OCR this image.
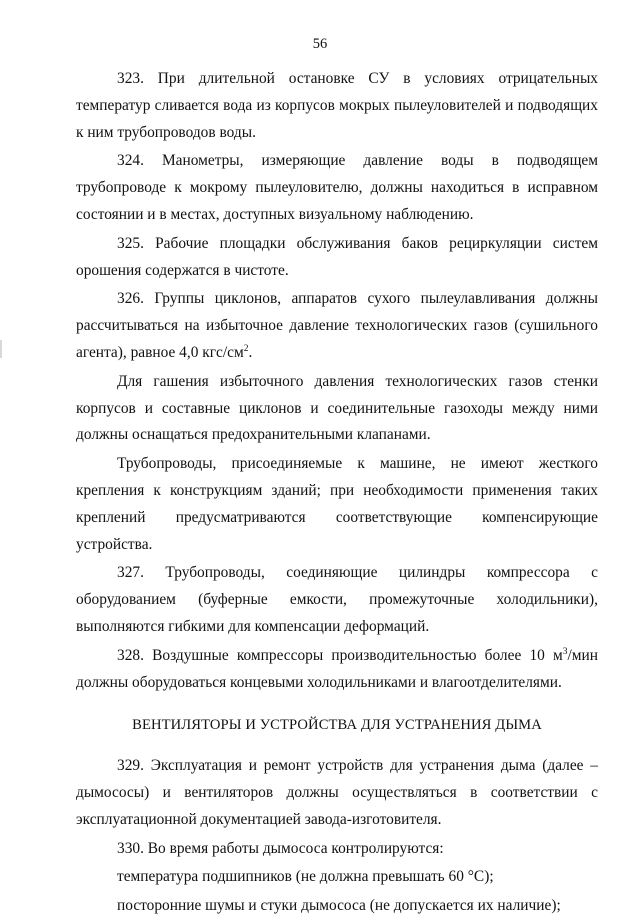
56

323. При длительной остановке СУ в условиях отрицательных температур сливается вода из корпусов мокрых пылеуловителей и подводящих к ним трубопроводов воды.

324. Манометры, измеряющие давление воды в подводящем трубопроводе к мокрому пылеуловителю, должны находиться в исправном состоянии и в местах, доступных визуальному наблюдению.

325. Рабочие площадки обслуживания баков рециркуляции систем орошения содержатся в чистоте.

326. Группы циклонов, аппаратов сухого пылеулавливания должны рассчитываться на избыточное давление технологических газов (сушильного агента), равное 4,0 кгс/$см^2$.

Для гашения избыточного давления технологических газов стенки корпусов и составные циклонов и соединительные газоходы между ними должны оснащаться предохранительными клапанами.

Трубопроводы, присоединяемые к машине, не имеют жесткого крепления к конструкциям зданий; при необходимости применения таких креплений предусматриваются соответствующие компенсирующие устройства.

327. Трубопроводы, соединяющие цилиндры компрессора с оборудованием (буферные емкости, промежуточные холодильники), выполняются гибкими для компенсации деформаций.

328. Воздушные компрессоры производительностью более 10 $м^3$/мин должны оборудоваться концевыми холодильниками и влагоотделителями.

ВЕНТИЛЯТОРЫ И УСТРОЙСТВА ДЛЯ УСТРАНЕНИЯ ДЫМА

329. Эксплуатация и ремонт устройств для устранения дыма (далее – дымососы) и вентиляторов должны осуществляться в соответствии с эксплуатационной документацией завода-изготовителя.

330. Во время работы дымососа контролируются:

температура подшипников (не должна превышать 60 °С);

посторонние шумы и стуки дымососа (не допускается их наличие);
